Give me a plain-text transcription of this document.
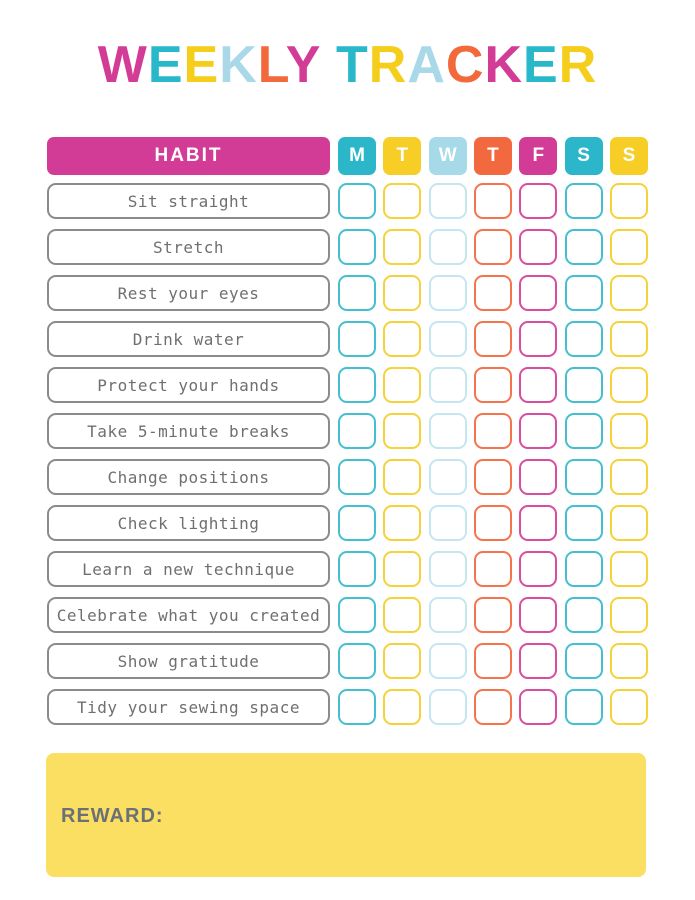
WEEKLY TRACKER
HABIT	M	T	W	T	F	S	S
Sit straight
Stretch
Rest your eyes
Drink water
Protect your hands
Take 5-minute breaks
Change positions
Check lighting
Learn a new technique
Celebrate what you created
Show gratitude
Tidy your sewing space
REWARD:
